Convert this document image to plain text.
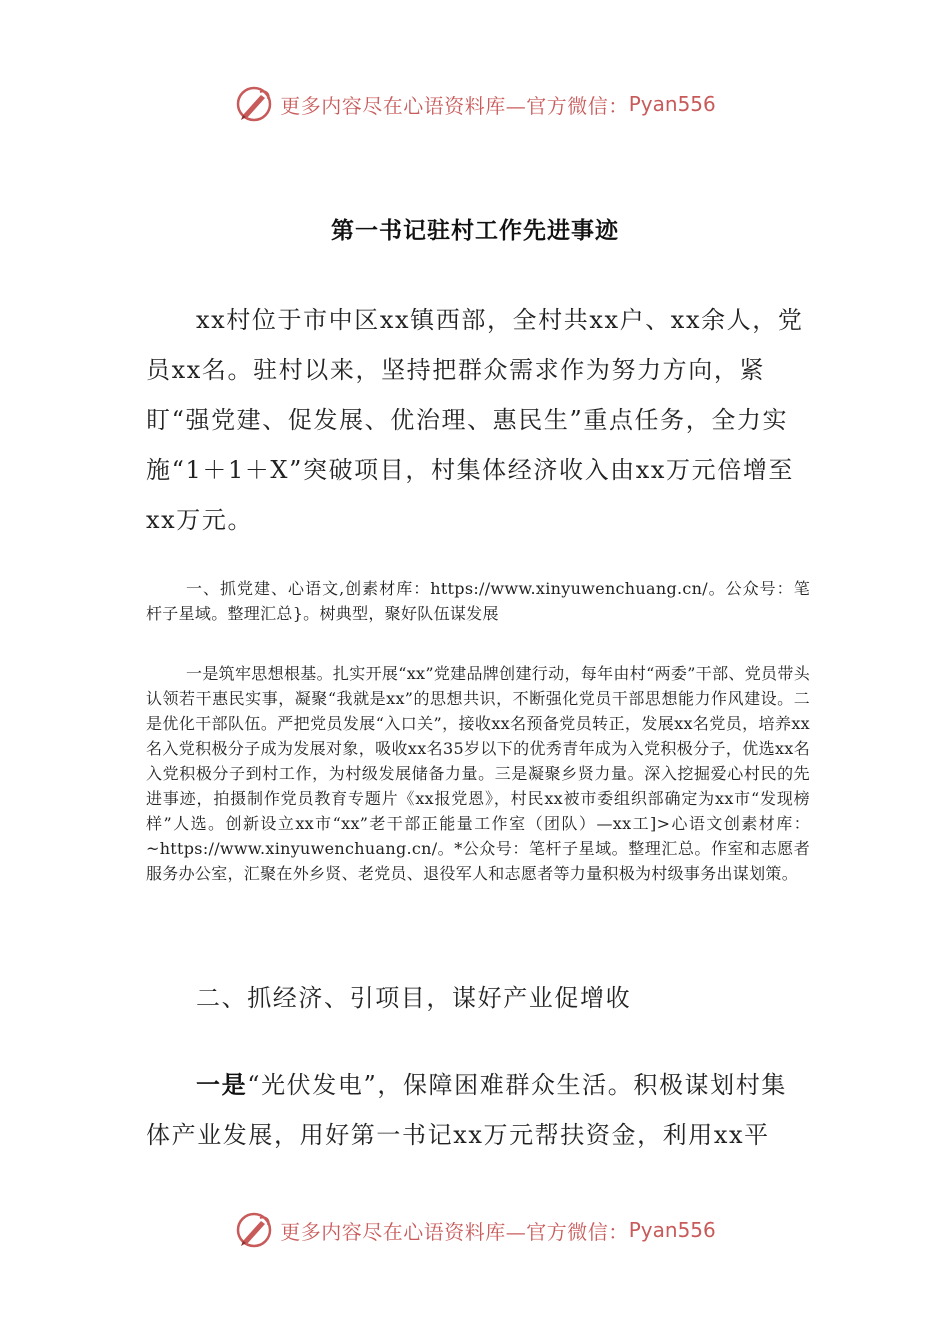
更多内容尽在心语资料库—官方微信： Pyan556
第一书记驻村工作先进事迹
xx村位于市中区xx镇西部，全村共xx户、xx余人，党员xx名。驻村以来，坚持把群众需求作为努力方向，紧盯“强党建、促发展、优治理、惠民生”重点任务，全力实施“1＋1＋X”突破项目，村集体经济收入由xx万元倍增至xx万元。
一、抓党建、心语文,创素材库：https://www.xinyuwenchuang.cn/。公众号：笔杆子星域。整理汇总}。树典型，聚好队伍谋发展
一是筑牢思想根基。扎实开展“xx”党建品牌创建行动，每年由村“两委”干部、党员带头认领若干惠民实事，凝聚“我就是xx”的思想共识，不断强化党员干部思想能力作风建设。二是优化干部队伍。严把党员发展“入口关”，接收xx名预备党员转正，发展xx名党员，培养xx名入党积极分子成为发展对象，吸收xx名35岁以下的优秀青年成为入党积极分子，优选xx名入党积极分子到村工作，为村级发展储备力量。三是凝聚乡贤力量。深入挖掘爱心村民的先进事迹，拍摄制作党员教育专题片《xx报党恩》，村民xx被市委组织部确定为xx市“发现榜样”人选。创新设立xx市“xx”老干部正能量工作室（团队）—xx工]>心语文创素材库：~https://www.xinyuwenchuang.cn/。*公众号：笔杆子星域。整理汇总。作室和志愿者服务办公室，汇聚在外乡贤、老党员、退役军人和志愿者等力量积极为村级事务出谋划策。
二、抓经济、引项目，谋好产业促增收
一是“光伏发电”，保障困难群众生活。积极谋划村集体产业发展，用好第一书记xx万元帮扶资金，利用xx平
更多内容尽在心语资料库—官方微信： Pyan556
